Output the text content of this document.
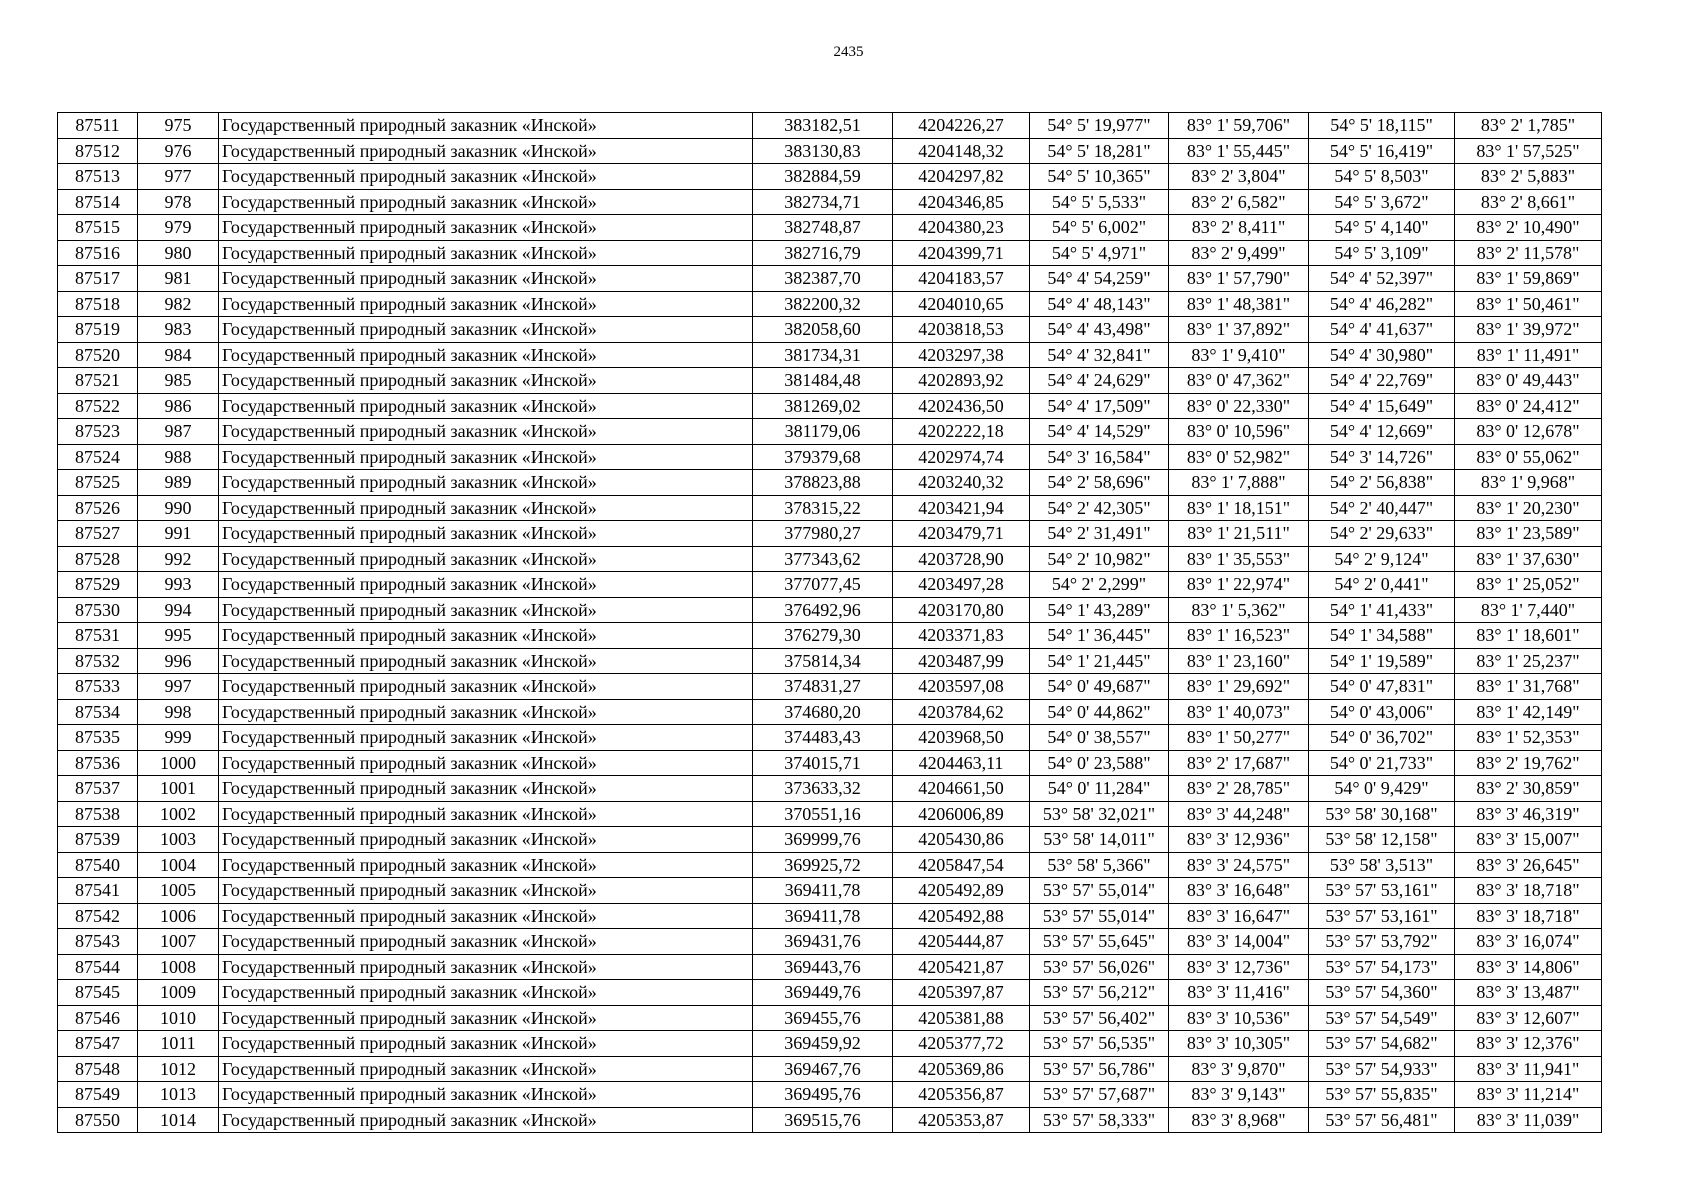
2435
87511	975	Государственный природный заказник «Инской»	383182,51	4204226,27	54° 5' 19,977"	83° 1' 59,706"	54° 5' 18,115"	83° 2' 1,785"
87512	976	Государственный природный заказник «Инской»	383130,83	4204148,32	54° 5' 18,281"	83° 1' 55,445"	54° 5' 16,419"	83° 1' 57,525"
87513	977	Государственный природный заказник «Инской»	382884,59	4204297,82	54° 5' 10,365"	83° 2' 3,804"	54° 5' 8,503"	83° 2' 5,883"
87514	978	Государственный природный заказник «Инской»	382734,71	4204346,85	54° 5' 5,533"	83° 2' 6,582"	54° 5' 3,672"	83° 2' 8,661"
87515	979	Государственный природный заказник «Инской»	382748,87	4204380,23	54° 5' 6,002"	83° 2' 8,411"	54° 5' 4,140"	83° 2' 10,490"
87516	980	Государственный природный заказник «Инской»	382716,79	4204399,71	54° 5' 4,971"	83° 2' 9,499"	54° 5' 3,109"	83° 2' 11,578"
87517	981	Государственный природный заказник «Инской»	382387,70	4204183,57	54° 4' 54,259"	83° 1' 57,790"	54° 4' 52,397"	83° 1' 59,869"
87518	982	Государственный природный заказник «Инской»	382200,32	4204010,65	54° 4' 48,143"	83° 1' 48,381"	54° 4' 46,282"	83° 1' 50,461"
87519	983	Государственный природный заказник «Инской»	382058,60	4203818,53	54° 4' 43,498"	83° 1' 37,892"	54° 4' 41,637"	83° 1' 39,972"
87520	984	Государственный природный заказник «Инской»	381734,31	4203297,38	54° 4' 32,841"	83° 1' 9,410"	54° 4' 30,980"	83° 1' 11,491"
87521	985	Государственный природный заказник «Инской»	381484,48	4202893,92	54° 4' 24,629"	83° 0' 47,362"	54° 4' 22,769"	83° 0' 49,443"
87522	986	Государственный природный заказник «Инской»	381269,02	4202436,50	54° 4' 17,509"	83° 0' 22,330"	54° 4' 15,649"	83° 0' 24,412"
87523	987	Государственный природный заказник «Инской»	381179,06	4202222,18	54° 4' 14,529"	83° 0' 10,596"	54° 4' 12,669"	83° 0' 12,678"
87524	988	Государственный природный заказник «Инской»	379379,68	4202974,74	54° 3' 16,584"	83° 0' 52,982"	54° 3' 14,726"	83° 0' 55,062"
87525	989	Государственный природный заказник «Инской»	378823,88	4203240,32	54° 2' 58,696"	83° 1' 7,888"	54° 2' 56,838"	83° 1' 9,968"
87526	990	Государственный природный заказник «Инской»	378315,22	4203421,94	54° 2' 42,305"	83° 1' 18,151"	54° 2' 40,447"	83° 1' 20,230"
87527	991	Государственный природный заказник «Инской»	377980,27	4203479,71	54° 2' 31,491"	83° 1' 21,511"	54° 2' 29,633"	83° 1' 23,589"
87528	992	Государственный природный заказник «Инской»	377343,62	4203728,90	54° 2' 10,982"	83° 1' 35,553"	54° 2' 9,124"	83° 1' 37,630"
87529	993	Государственный природный заказник «Инской»	377077,45	4203497,28	54° 2' 2,299"	83° 1' 22,974"	54° 2' 0,441"	83° 1' 25,052"
87530	994	Государственный природный заказник «Инской»	376492,96	4203170,80	54° 1' 43,289"	83° 1' 5,362"	54° 1' 41,433"	83° 1' 7,440"
87531	995	Государственный природный заказник «Инской»	376279,30	4203371,83	54° 1' 36,445"	83° 1' 16,523"	54° 1' 34,588"	83° 1' 18,601"
87532	996	Государственный природный заказник «Инской»	375814,34	4203487,99	54° 1' 21,445"	83° 1' 23,160"	54° 1' 19,589"	83° 1' 25,237"
87533	997	Государственный природный заказник «Инской»	374831,27	4203597,08	54° 0' 49,687"	83° 1' 29,692"	54° 0' 47,831"	83° 1' 31,768"
87534	998	Государственный природный заказник «Инской»	374680,20	4203784,62	54° 0' 44,862"	83° 1' 40,073"	54° 0' 43,006"	83° 1' 42,149"
87535	999	Государственный природный заказник «Инской»	374483,43	4203968,50	54° 0' 38,557"	83° 1' 50,277"	54° 0' 36,702"	83° 1' 52,353"
87536	1000	Государственный природный заказник «Инской»	374015,71	4204463,11	54° 0' 23,588"	83° 2' 17,687"	54° 0' 21,733"	83° 2' 19,762"
87537	1001	Государственный природный заказник «Инской»	373633,32	4204661,50	54° 0' 11,284"	83° 2' 28,785"	54° 0' 9,429"	83° 2' 30,859"
87538	1002	Государственный природный заказник «Инской»	370551,16	4206006,89	53° 58' 32,021"	83° 3' 44,248"	53° 58' 30,168"	83° 3' 46,319"
87539	1003	Государственный природный заказник «Инской»	369999,76	4205430,86	53° 58' 14,011"	83° 3' 12,936"	53° 58' 12,158"	83° 3' 15,007"
87540	1004	Государственный природный заказник «Инской»	369925,72	4205847,54	53° 58' 5,366"	83° 3' 24,575"	53° 58' 3,513"	83° 3' 26,645"
87541	1005	Государственный природный заказник «Инской»	369411,78	4205492,89	53° 57' 55,014"	83° 3' 16,648"	53° 57' 53,161"	83° 3' 18,718"
87542	1006	Государственный природный заказник «Инской»	369411,78	4205492,88	53° 57' 55,014"	83° 3' 16,647"	53° 57' 53,161"	83° 3' 18,718"
87543	1007	Государственный природный заказник «Инской»	369431,76	4205444,87	53° 57' 55,645"	83° 3' 14,004"	53° 57' 53,792"	83° 3' 16,074"
87544	1008	Государственный природный заказник «Инской»	369443,76	4205421,87	53° 57' 56,026"	83° 3' 12,736"	53° 57' 54,173"	83° 3' 14,806"
87545	1009	Государственный природный заказник «Инской»	369449,76	4205397,87	53° 57' 56,212"	83° 3' 11,416"	53° 57' 54,360"	83° 3' 13,487"
87546	1010	Государственный природный заказник «Инской»	369455,76	4205381,88	53° 57' 56,402"	83° 3' 10,536"	53° 57' 54,549"	83° 3' 12,607"
87547	1011	Государственный природный заказник «Инской»	369459,92	4205377,72	53° 57' 56,535"	83° 3' 10,305"	53° 57' 54,682"	83° 3' 12,376"
87548	1012	Государственный природный заказник «Инской»	369467,76	4205369,86	53° 57' 56,786"	83° 3' 9,870"	53° 57' 54,933"	83° 3' 11,941"
87549	1013	Государственный природный заказник «Инской»	369495,76	4205356,87	53° 57' 57,687"	83° 3' 9,143"	53° 57' 55,835"	83° 3' 11,214"
87550	1014	Государственный природный заказник «Инской»	369515,76	4205353,87	53° 57' 58,333"	83° 3' 8,968"	53° 57' 56,481"	83° 3' 11,039"
